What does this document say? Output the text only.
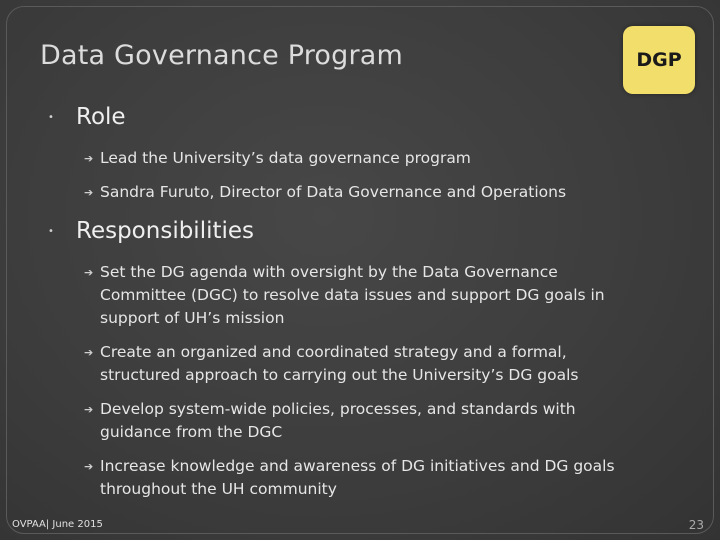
Data Governance Program	DGP
• Role
➔ Lead the University’s data governance program
➔ Sandra Furuto, Director of Data Governance and Operations
• Responsibilities
➔ Set the DG agenda with oversight by the Data Governance Committee (DGC) to resolve data issues and support DG goals in support of UH’s mission
➔ Create an organized and coordinated strategy and a formal, structured approach to carrying out the University’s DG goals
➔ Develop system-wide policies, processes, and standards with guidance from the DGC
➔ Increase knowledge and awareness of DG initiatives and DG goals throughout the UH community
OVPAA| June 2015	23
